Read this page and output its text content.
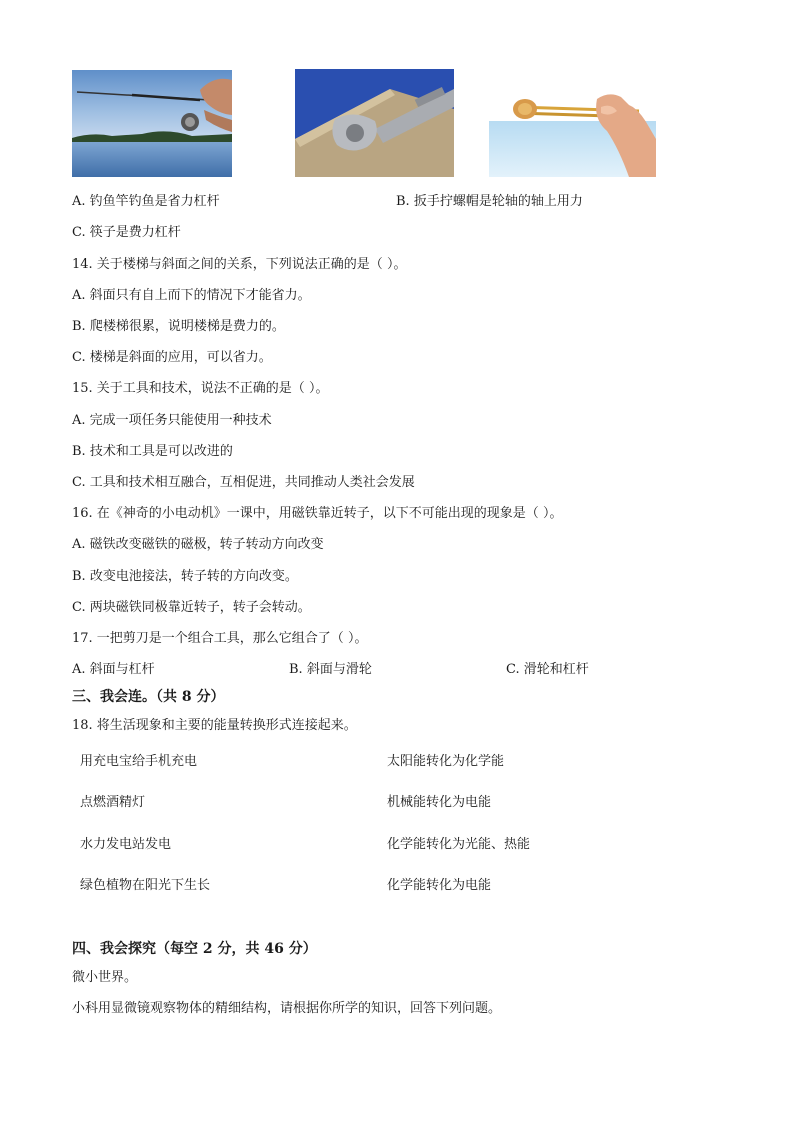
A. 钓鱼竿钓鱼是省力杠杆	B. 扳手拧螺帽是轮轴的轴上用力
C. 筷子是费力杠杆
14. 关于楼梯与斜面之间的关系，下列说法正确的是（ ）。
A. 斜面只有自上而下的情况下才能省力。
B. 爬楼梯很累，说明楼梯是费力的。
C. 楼梯是斜面的应用，可以省力。
15. 关于工具和技术，说法不正确的是（ ）。
A. 完成一项任务只能使用一种技术
B. 技术和工具是可以改进的
C. 工具和技术相互融合，互相促进，共同推动人类社会发展
16. 在《神奇的小电动机》一课中，用磁铁靠近转子，以下不可能出现的现象是（ ）。
A. 磁铁改变磁铁的磁极，转子转动方向改变
B. 改变电池接法，转子转的方向改变。
C. 两块磁铁同极靠近转子，转子会转动。
17. 一把剪刀是一个组合工具，那么它组合了（ ）。
A. 斜面与杠杆	B. 斜面与滑轮	C. 滑轮和杠杆
三、我会连。（共 8 分）
18. 将生活现象和主要的能量转换形式连接起来。
用充电宝给手机充电	太阳能转化为化学能
点燃酒精灯	机械能转化为电能
水力发电站发电	化学能转化为光能、热能
绿色植物在阳光下生长	化学能转化为电能
四、我会探究（每空 2 分，共 46 分）
微小世界。
小科用显微镜观察物体的精细结构，请根据你所学的知识，回答下列问题。
